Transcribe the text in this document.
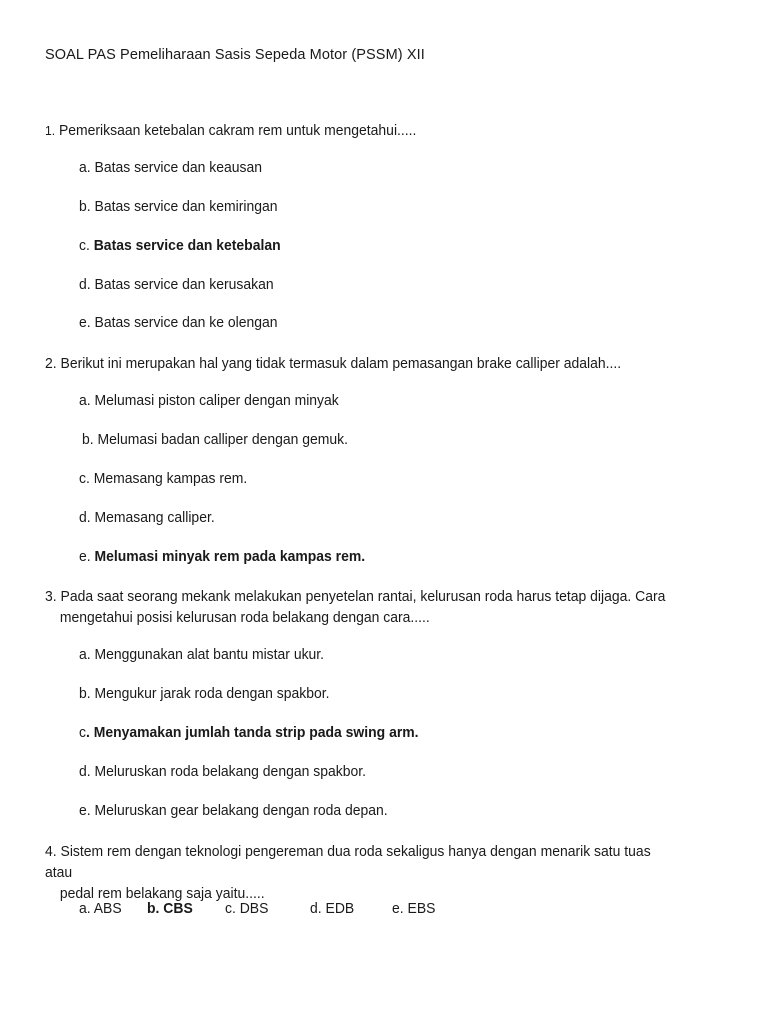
SOAL PAS Pemeliharaan Sasis Sepeda Motor (PSSM) XII
1. Pemeriksaan ketebalan cakram rem untuk mengetahui.....
a. Batas service dan keausan
b. Batas service dan kemiringan
c. Batas service dan ketebalan
d. Batas service dan kerusakan
e. Batas service dan ke olengan
2. Berikut ini merupakan hal yang tidak termasuk dalam pemasangan brake calliper adalah....
a. Melumasi piston caliper dengan minyak
b. Melumasi badan calliper dengan gemuk.
c. Memasang kampas rem.
d. Memasang calliper.
e. Melumasi minyak rem pada kampas rem.
3. Pada saat seorang mekank melakukan penyetelan rantai, kelurusan roda harus tetap dijaga. Cara
mengetahui posisi kelurusan roda belakang dengan cara.....
a. Menggunakan alat bantu mistar ukur.
b. Mengukur jarak roda dengan spakbor.
c. Menyamakan jumlah tanda strip pada swing arm.
d. Meluruskan roda belakang dengan spakbor.
e. Meluruskan gear belakang dengan roda depan.
4. Sistem rem dengan teknologi pengereman dua roda sekaligus hanya dengan menarik satu tuas atau
pedal rem belakang saja yaitu.....
a. ABS b. CBS c. DBS	d. EDB	e. EBS
